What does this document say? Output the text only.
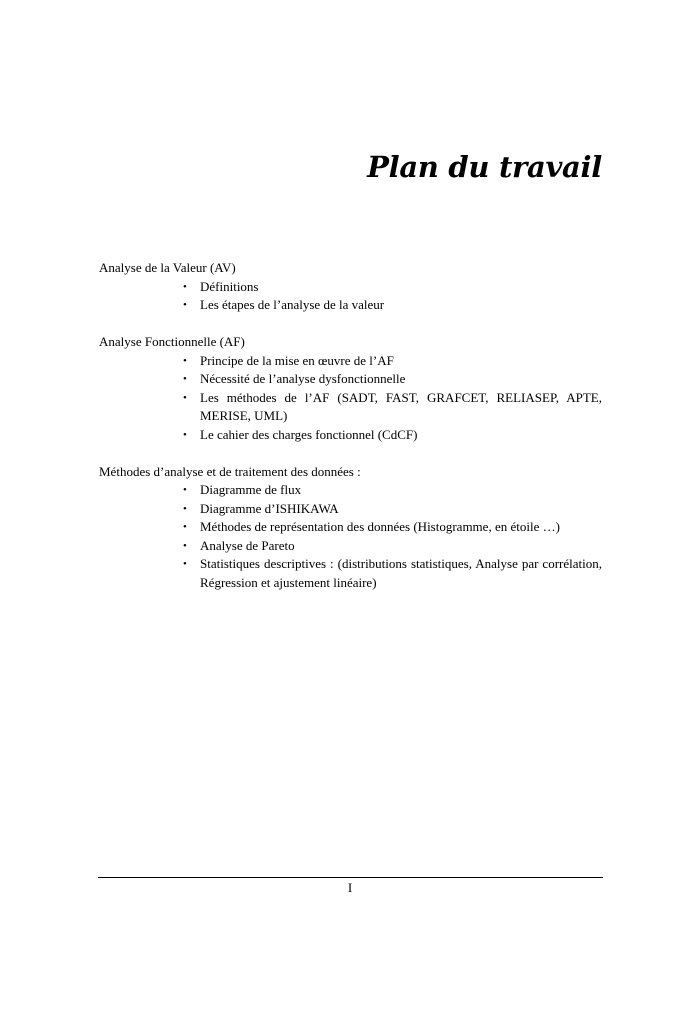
Plan du travail
Analyse de la Valeur (AV)
• Définitions
• Les étapes de l’analyse de la valeur
Analyse Fonctionnelle (AF)
• Principe de la mise en œuvre de l’AF
• Nécessité de l’analyse dysfonctionnelle
• Les méthodes de l’AF (SADT, FAST, GRAFCET, RELIASEP, APTE, MERISE, UML)
• Le cahier des charges fonctionnel (CdCF)
Méthodes d’analyse et de traitement des données :
• Diagramme de flux
• Diagramme d’ISHIKAWA
• Méthodes de représentation des données (Histogramme, en étoile …)
• Analyse de Pareto
• Statistiques descriptives : (distributions statistiques, Analyse par corrélation, Régression et ajustement linéaire)
I
